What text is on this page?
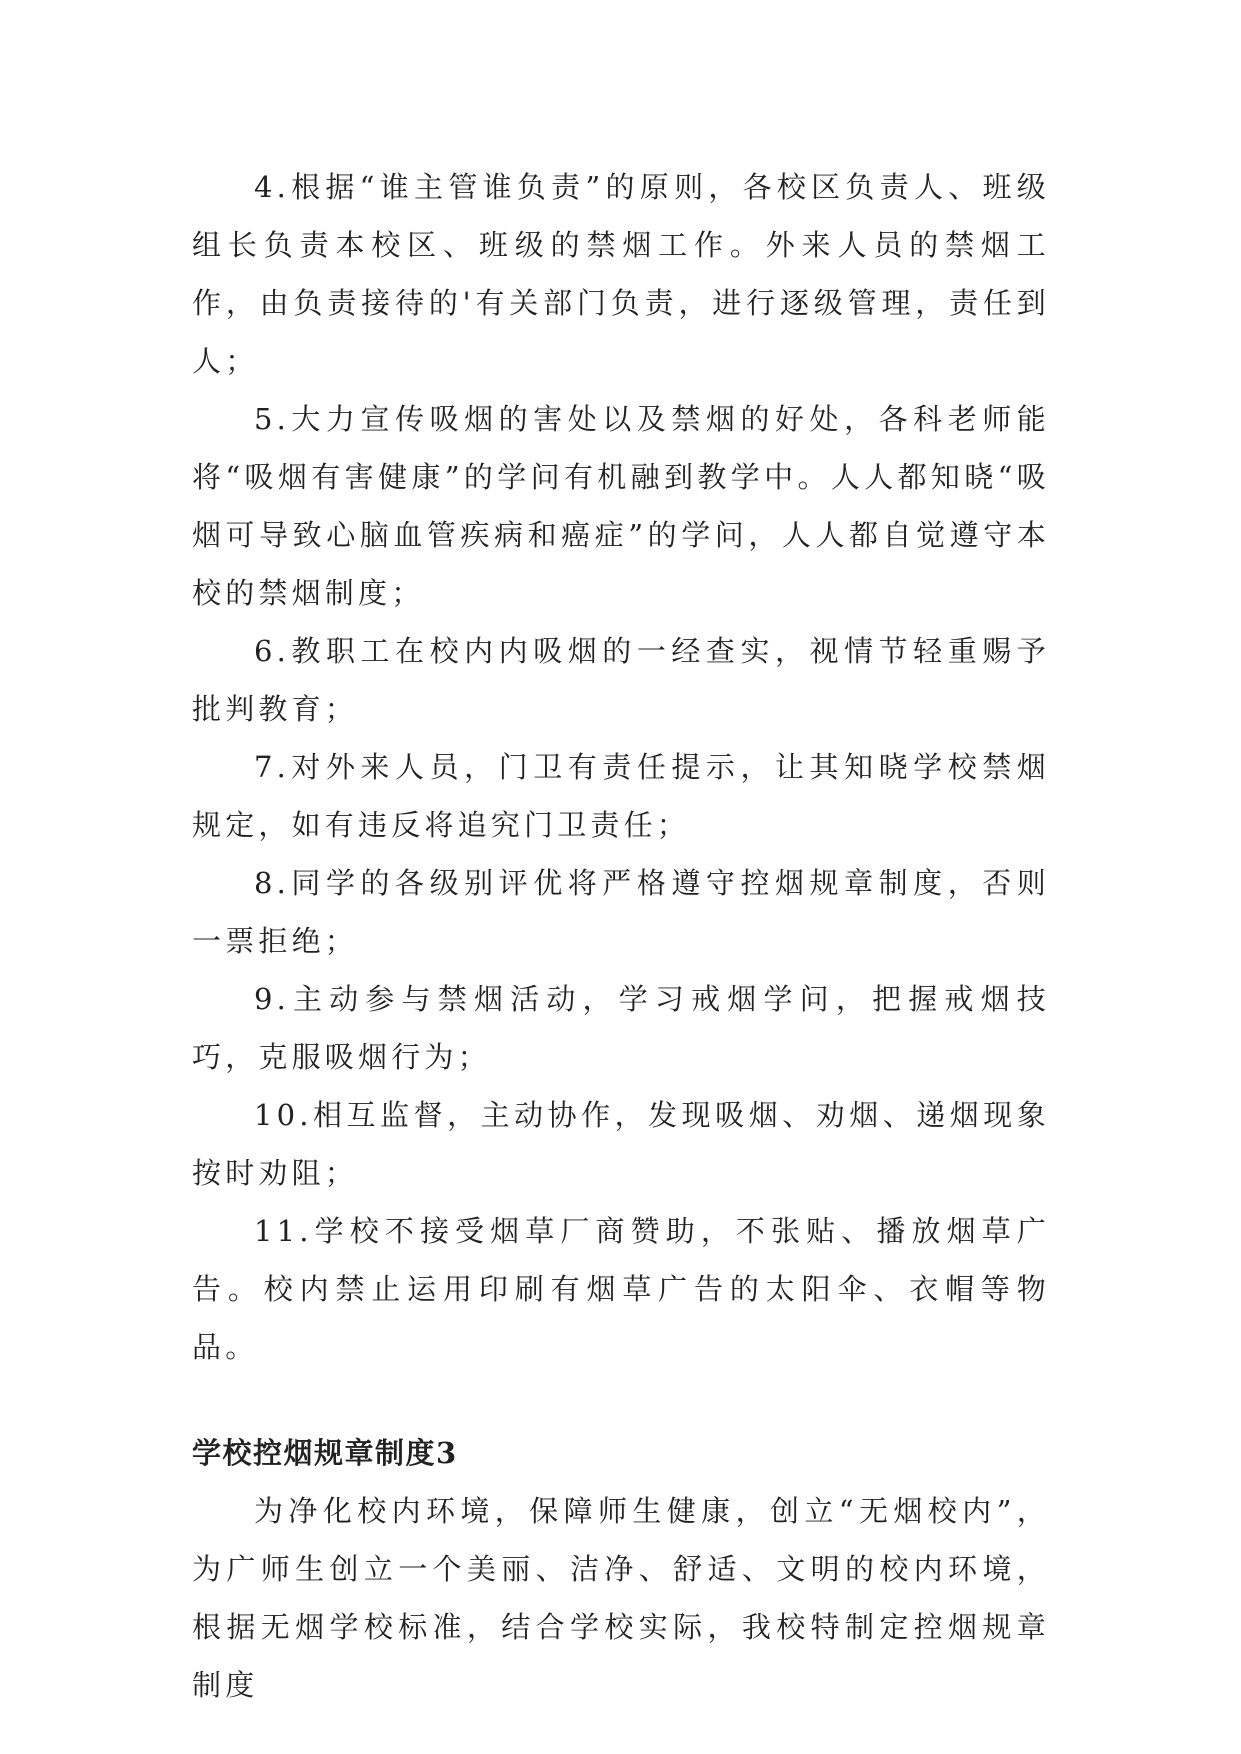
4.根据“谁主管谁负责”的原则，各校区负责人、班级组长负责本校区、班级的禁烟工作。外来人员的禁烟工作，由负责接待的'有关部门负责，进行逐级管理，责任到人；

5.大力宣传吸烟的害处以及禁烟的好处，各科老师能将“吸烟有害健康”的学问有机融到教学中。人人都知晓“吸烟可导致心脑血管疾病和癌症”的学问，人人都自觉遵守本校的禁烟制度；

6.教职工在校内内吸烟的一经查实，视情节轻重赐予批判教育；

7.对外来人员，门卫有责任提示，让其知晓学校禁烟规定，如有违反将追究门卫责任；

8.同学的各级别评优将严格遵守控烟规章制度，否则一票拒绝；

9.主动参与禁烟活动，学习戒烟学问，把握戒烟技巧，克服吸烟行为；

10.相互监督，主动协作，发现吸烟、劝烟、递烟现象按时劝阻；

11.学校不接受烟草厂商赞助，不张贴、播放烟草广告。校内禁止运用印刷有烟草广告的太阳伞、衣帽等物品。

学校控烟规章制度3

为净化校内环境，保障师生健康，创立“无烟校内”，为广师生创立一个美丽、洁净、舒适、文明的校内环境，根据无烟学校标准，结合学校实际，我校特制定控烟规章制度
